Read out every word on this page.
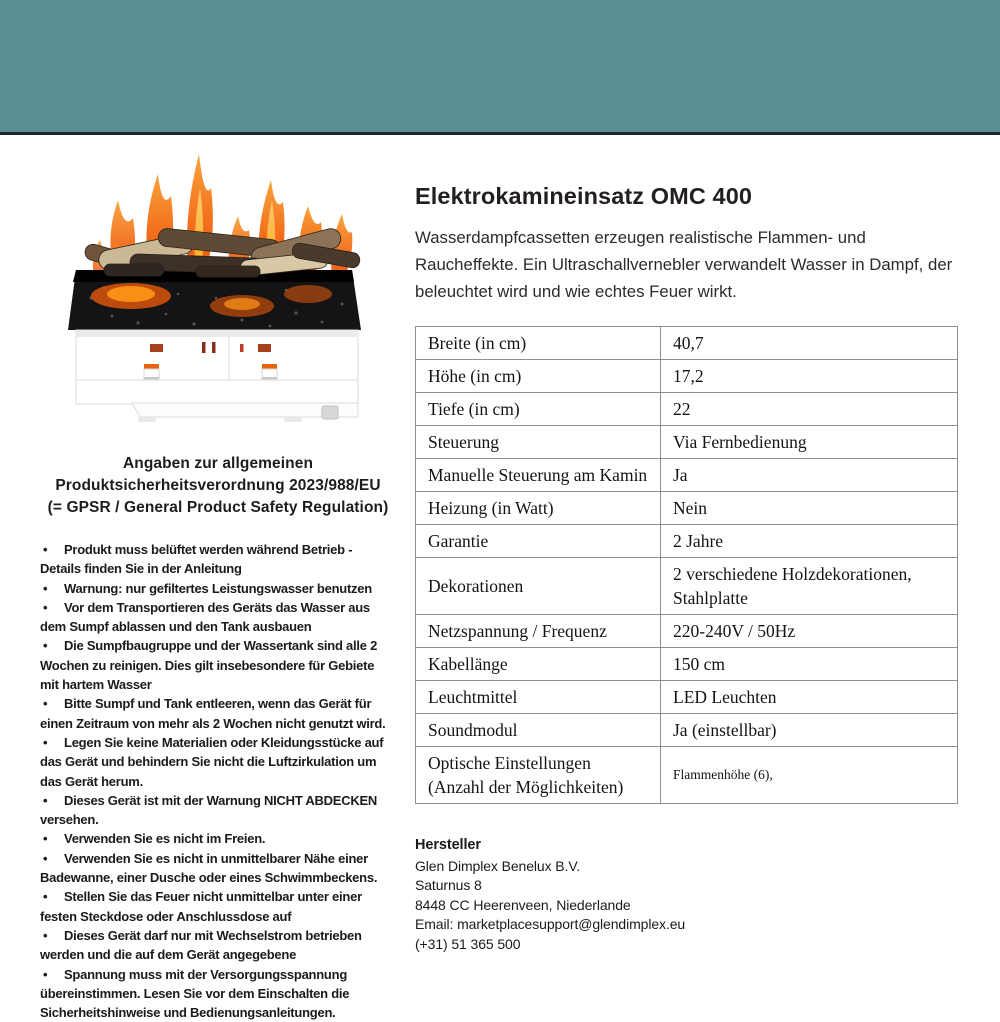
Angaben zur allgemeinen
Produktsicherheitsverordnung 2023/988/EU
(= GPSR / General Product Safety Regulation)
• Produkt muss belüftet werden während Betrieb - Details finden Sie in der Anleitung
• Warnung: nur gefiltertes Leistungswasser benutzen
• Vor dem Transportieren des Geräts das Wasser aus dem Sumpf ablassen und den Tank ausbauen
• Die Sumpfbaugruppe und der Wassertank sind alle 2 Wochen zu reinigen. Dies gilt insebesondere für Gebiete mit hartem Wasser
• Bitte Sumpf und Tank entleeren, wenn das Gerät für einen Zeitraum von mehr als 2 Wochen nicht genutzt wird.
• Legen Sie keine Materialien oder Kleidungsstücke auf das Gerät und behindern Sie nicht die Luftzirkulation um das Gerät herum.
• Dieses Gerät ist mit der Warnung NICHT ABDECKEN versehen.
• Verwenden Sie es nicht im Freien.
• Verwenden Sie es nicht in unmittelbarer Nähe einer Badewanne, einer Dusche oder eines Schwimmbeckens.
• Stellen Sie das Feuer nicht unmittelbar unter einer festen Steckdose oder Anschlussdose auf
• Dieses Gerät darf nur mit Wechselstrom betrieben werden und die auf dem Gerät angegebene
• Spannung muss mit der Versorgungsspannung übereinstimmen. Lesen Sie vor dem Einschalten die Sicherheitshinweise und Bedienungsanleitungen.
Elektrokamineinsatz OMC 400

Wasserdampfcassetten erzeugen realistische Flammen- und Raucheffekte. Ein Ultraschallvernebler verwandelt Wasser in Dampf, der beleuchtet wird und wie echtes Feuer wirkt.

Breite (in cm)	40,7
Höhe (in cm)	17,2
Tiefe (in cm)	22
Steuerung	Via Fernbedienung
Manuelle Steuerung am Kamin	Ja
Heizung (in Watt)	Nein
Garantie	2 Jahre
Dekorationen	2 verschiedene Holzdekorationen, Stahlplatte
Netzspannung / Frequenz	220-240V / 50Hz
Kabellänge	150 cm
Leuchtmittel	LED Leuchten
Soundmodul	Ja (einstellbar)
Optische Einstellungen (Anzahl der Möglichkeiten)	Flammenhöhe (6),
Hersteller
Glen Dimplex Benelux B.V.
Saturnus 8
8448 CC Heerenveen, Niederlande
Email: marketplacesupport@glendimplex.eu
(+31) 51 365 500
